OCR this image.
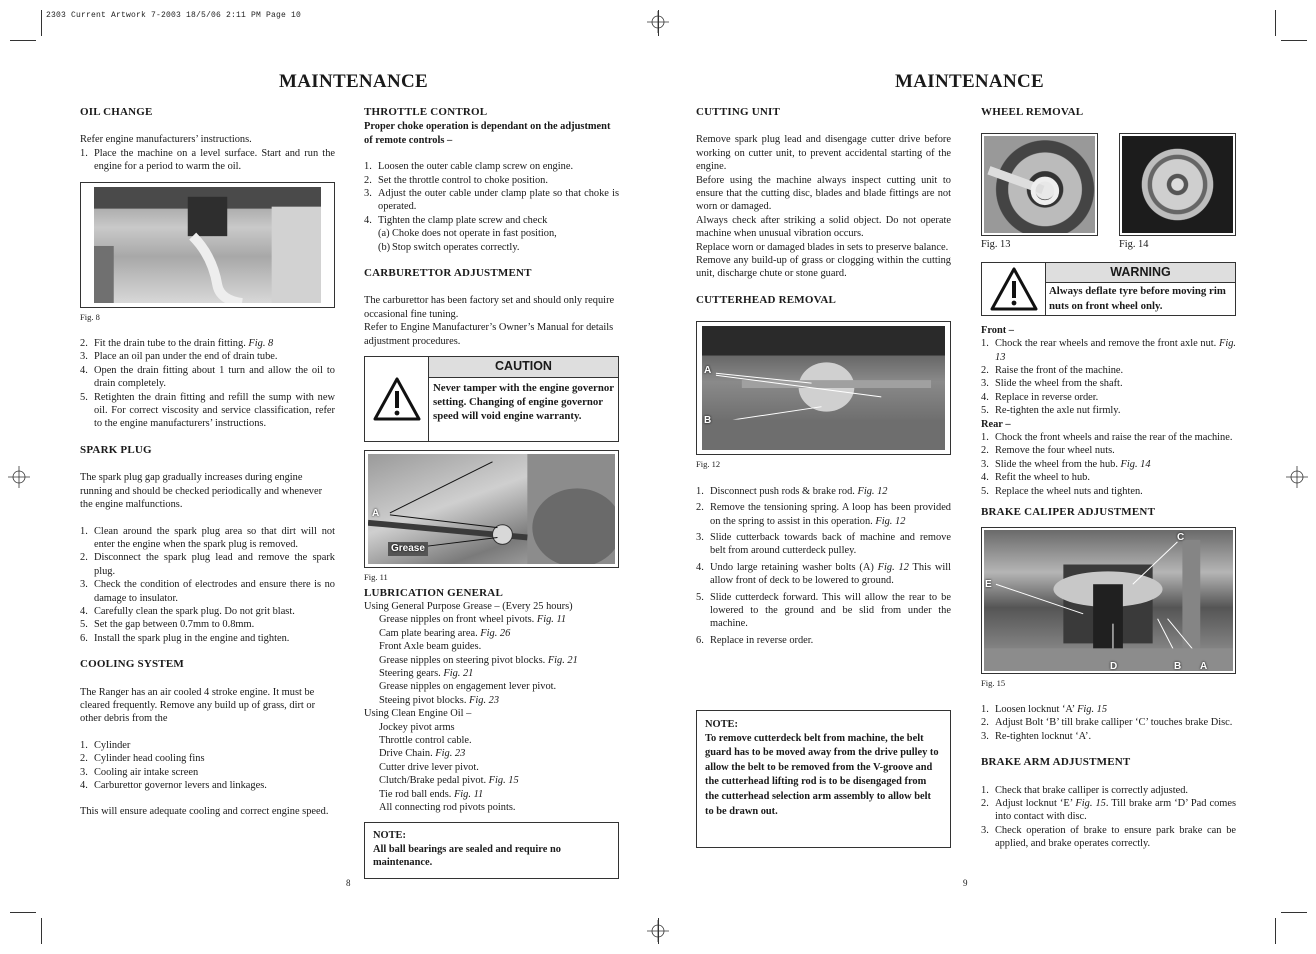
2303 Current Artwork 7-2003 18/5/06 2:11 PM Page 10
MAINTENANCE
OIL CHANGE

Refer engine manufacturers’ instructions.

1. Place the machine on a level surface. Start and run the engine for a period to warm the oil.
Fig. 8
2. Fit the drain tube to the drain fitting. Fig. 8
3. Place an oil pan under the end of drain tube.
4. Open the drain fitting about 1 turn and allow the oil to drain completely.
5. Retighten the drain fitting and refill the sump with new oil. For correct viscosity and service classification, refer to the engine manufacturers’ instructions.
SPARK PLUG

The spark plug gap gradually increases during engine running and should be checked periodically and whenever the engine malfunctions.

1. Clean around the spark plug area so that dirt will not enter the engine when the spark plug is removed.
2. Disconnect the spark plug lead and remove the spark plug.
3. Check the condition of electrodes and ensure there is no damage to insulator.
4. Carefully clean the spark plug. Do not grit blast.
5. Set the gap between 0.7mm to 0.8mm.
6. Install the spark plug in the engine and tighten.
COOLING SYSTEM

The Ranger has an air cooled 4 stroke engine. It must be cleared frequently. Remove any build up of grass, dirt or other debris from the

1. Cylinder
2. Cylinder head cooling fins
3. Cooling air intake screen
4. Carburettor governor levers and linkages.

This will ensure adequate cooling and correct engine speed.

THROTTLE CONTROL

Proper choke operation is dependant on the adjustment of remote controls –

1. Loosen the outer cable clamp screw on engine.
2. Set the throttle control to choke position.
3. Adjust the outer cable under clamp plate so that choke is operated.
4. Tighten the clamp plate screw and check
(a) Choke does not operate in fast position,
(b) Stop switch operates correctly.
CARBURETTOR ADJUSTMENT

The carburettor has been factory set and should only require occasional fine tuning.

Refer to Engine Manufacturer’s Owner’s Manual for details adjustment procedures.

CAUTION
Never tamper with the engine governor setting. Changing of engine governor speed will void engine warranty.
A
Grease
Fig. 11
LUBRICATION GENERAL

Using General Purpose Grease – (Every 25 hours)

Grease nipples on front wheel pivots. Fig. 11
Cam plate bearing area. Fig. 26
Front Axle beam guides.
Grease nipples on steering pivot blocks. Fig. 21
Steering gears. Fig. 21
Grease nipples on engagement lever pivot.
Steeing pivot blocks. Fig. 23

Using Clean Engine Oil –

Jockey pivot arms
Throttle control cable.
Drive Chain. Fig. 23
Cutter drive lever pivot.
Clutch/Brake pedal pivot. Fig. 15
Tie rod ball ends. Fig. 11
All connecting rod pivots points.
NOTE:
All ball bearings are sealed and require no maintenance.
8
MAINTENANCE
CUTTING UNIT

Remove spark plug lead and disengage cutter drive before working on cutter unit, to prevent accidental starting of the engine.

Before using the machine always inspect cutting unit to ensure that the cutting disc, blades and blade fittings are not worn or damaged.

Always check after striking a solid object. Do not operate machine when unusual vibration occurs.

Replace worn or damaged blades in sets to preserve balance.

Remove any build-up of grass or clogging within the cutting unit, discharge chute or stone guard.

CUTTERHEAD REMOVAL
A
B
Fig. 12
1. Disconnect push rods & brake rod. Fig. 12
2. Remove the tensioning spring. A loop has been provided on the spring to assist in this operation. Fig. 12
3. Slide cutterback towards back of machine and remove belt from around cutterdeck pulley.
4. Undo large retaining washer bolts (A) Fig. 12 This will allow front of deck to be lowered to ground.
5. Slide cutterdeck forward. This will allow the rear to be lowered to the ground and be slid from under the machine.
6. Replace in reverse order.
NOTE:
To remove cutterdeck belt from machine, the belt guard has to be moved away from the drive pulley to allow the belt to be removed from the V-groove and the cutterhead lifting rod is to be disengaged from the cutterhead selection arm assembly to allow belt to be drawn out.
WHEEL REMOVAL
Fig. 13	Fig. 14
WARNING
Always deflate tyre before moving rim nuts on front wheel only.
Front –
1. Chock the rear wheels and remove the front axle nut. Fig. 13
2. Raise the front of the machine.
3. Slide the wheel from the shaft.
4. Replace in reverse order.
5. Re-tighten the axle nut firmly.
Rear –
1. Chock the front wheels and raise the rear of the machine.
2. Remove the four wheel nuts.
3. Slide the wheel from the hub. Fig. 14
4. Refit the wheel to hub.
5. Replace the wheel nuts and tighten.
BRAKE CALIPER ADJUSTMENT
C
E
D	B A
Fig. 15
1. Loosen locknut ‘A’ Fig. 15
2. Adjust Bolt ‘B’ till brake calliper ‘C’ touches brake Disc.
3. Re-tighten locknut ‘A’.
BRAKE ARM ADJUSTMENT
1. Check that brake calliper is correctly adjusted.
2. Adjust locknut ‘E’ Fig. 15. Till brake arm ‘D’ Pad comes into contact with disc.
3. Check operation of brake to ensure park brake can be applied, and brake operates correctly.
9
